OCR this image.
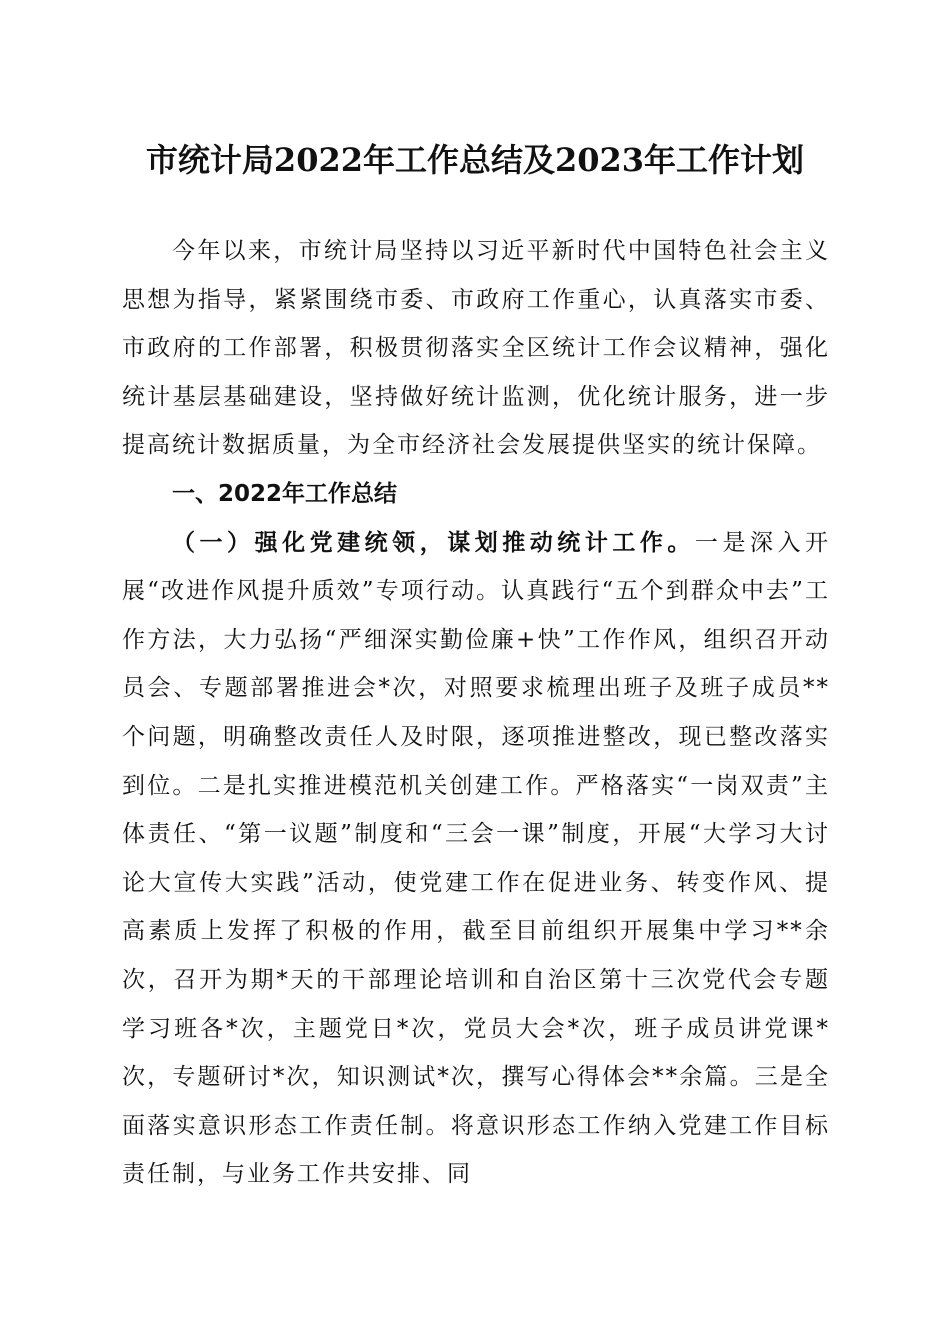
市统计局2022年工作总结及2023年工作计划

今年以来，市统计局坚持以习近平新时代中国特色社会主义思想为指导，紧紧围绕市委、市政府工作重心，认真落实市委、市政府的工作部署，积极贯彻落实全区统计工作会议精神，强化统计基层基础建设，坚持做好统计监测，优化统计服务，进一步提高统计数据质量，为全市经济社会发展提供坚实的统计保障。

一、2022年工作总结

（一）强化党建统领，谋划推动统计工作。一是深入开展“改进作风提升质效”专项行动。认真践行“五个到群众中去”工作方法，大力弘扬“严细深实勤俭廉+快”工作作风，组织召开动员会、专题部署推进会*次，对照要求梳理出班子及班子成员**个问题，明确整改责任人及时限，逐项推进整改，现已整改落实到位。二是扎实推进模范机关创建工作。严格落实“一岗双责”主体责任、“第一议题”制度和“三会一课”制度，开展“大学习大讨论大宣传大实践”活动，使党建工作在促进业务、转变作风、提高素质上发挥了积极的作用，截至目前组织开展集中学习**余次，召开为期*天的干部理论培训和自治区第十三次党代会专题学习班各*次，主题党日*次，党员大会*次，班子成员讲党课*次，专题研讨*次，知识测试*次，撰写心得体会**余篇。三是全面落实意识形态工作责任制。将意识形态工作纳入党建工作目标责任制，与业务工作共安排、同
